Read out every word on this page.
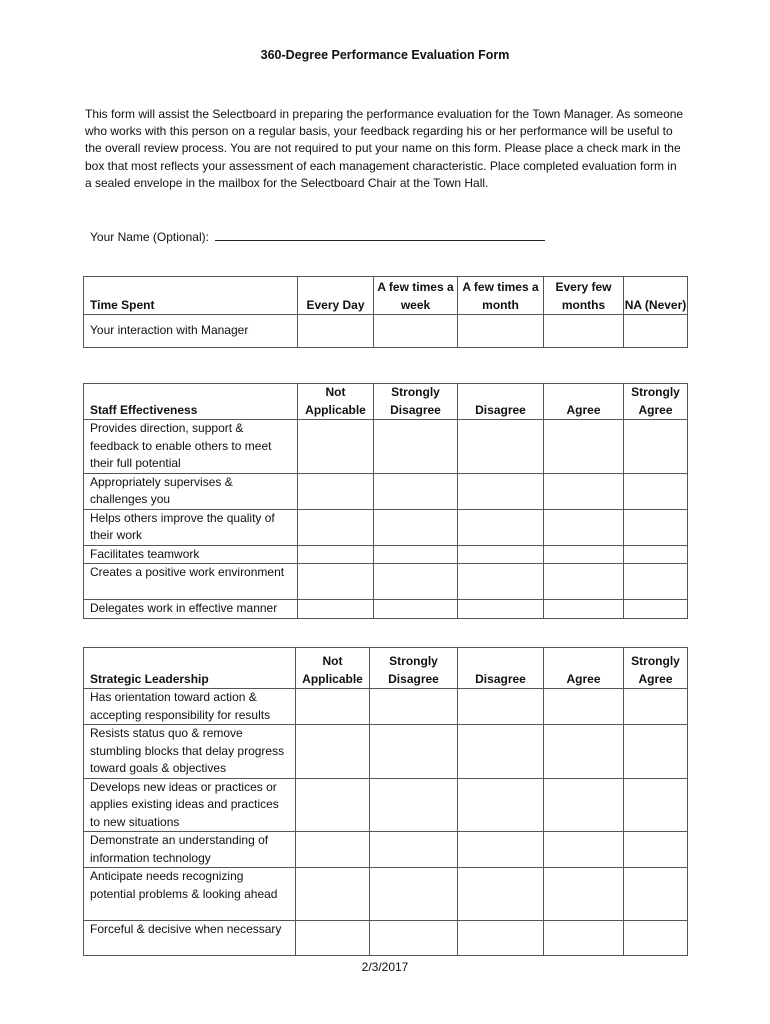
360-Degree Performance Evaluation Form
This form will assist the Selectboard in preparing the performance evaluation for the Town Manager. As someone who works with this person on a regular basis, your feedback regarding his or her performance will be useful to the overall review process. You are not required to put your name on this form. Please place a check mark in the box that most reflects your assessment of each management characteristic. Place completed evaluation form in a sealed envelope in the mailbox for the Selectboard Chair at the Town Hall.
Your Name (Optional):
Time Spent	Every Day	A few times a week	A few times a month	Every few months	NA (Never)
Your interaction with Manager					
Staff Effectiveness	Not Applicable	Strongly Disagree	Disagree	Agree	Strongly Agree
Provides direction, support & feedback to enable others to meet their full potential					
Appropriately supervises & challenges you					
Helps others improve the quality of their work					
Facilitates teamwork					
Creates a positive work environment					
Delegates work in effective manner					
Strategic Leadership	Not Applicable	Strongly Disagree	Disagree	Agree	Strongly Agree
Has orientation toward action & accepting responsibility for results					
Resists status quo & remove stumbling blocks that delay progress toward goals & objectives					
Develops new ideas or practices or applies existing ideas and practices to new situations					
Demonstrate an understanding of information technology					
Anticipate needs recognizing potential problems & looking ahead					
Forceful & decisive when necessary					
2/3/2017
